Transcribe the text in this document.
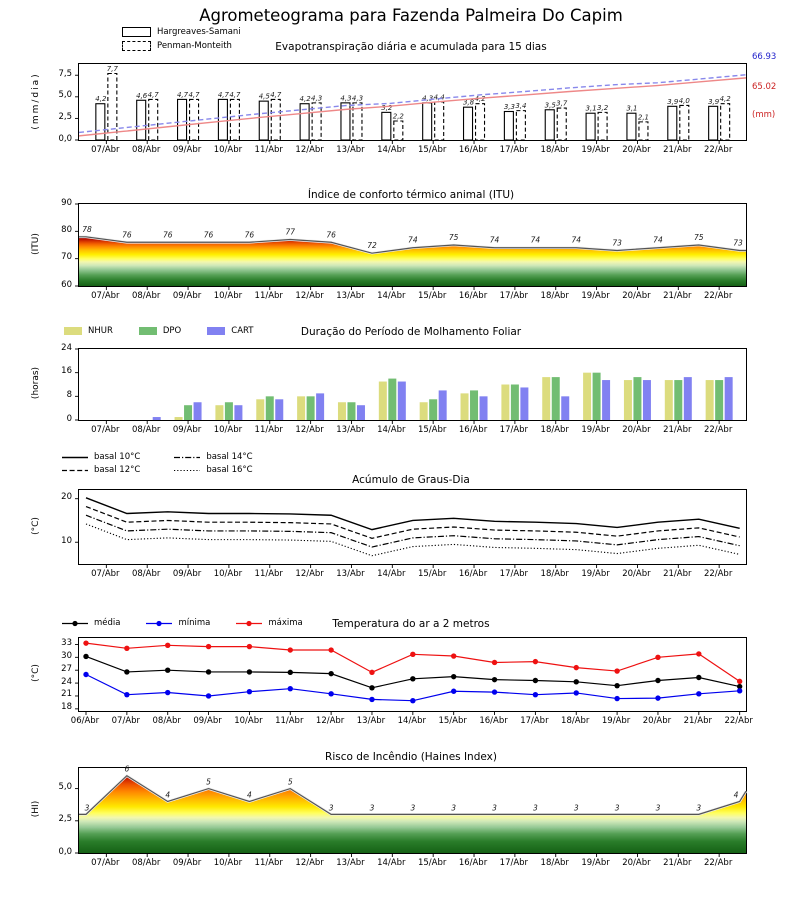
Agrometeograma para Fazenda Palmeira Do Capim
Hargreaves-Samani
Penman-Monteith	Evapotranspiração diária e acumulada para 15 dias
(mm/dia)	4,2
7,7
4,6 4,7	4,7 4,7	4,7 4,7	4,5 4,7
4,2 4,3	4,3 4,3
3,2
2,2
4,3 4,4
3,8 4,2
3,3 3,4	3,5 3,7
3,1 3,2	3,1
2,1
3,9 4,0	3,9 4,2
66.93
65.02
(mm)
Índice de conforto térmico animal (ITU)
(ITU)
78
76	76	76	76	77	76
72
74	75	74	74	74	73	74	75
73
NHUR	DPO	CART	Duração do Período de Molhamento Foliar
(horas)
basal 10°C	basal 14°C
basal 12°C	basal 16°C
Acúmulo de Graus-Dia
(°C)
média	mínima	máxima	Temperatura do ar a 2 metros
(°C)
Risco de Incêndio (Haines Index)
(HI)	3
6
4
5
4
5
3	3	3	3	3	3	3	3	3	3
4
0,0
2,5
5,0
7,5
07/Abr	08/Abr	09/Abr	10/Abr	11/Abr	12/Abr	13/Abr	14/Abr	15/Abr	16/Abr	17/Abr	18/Abr	19/Abr	20/Abr	21/Abr	22/Abr
60
70
80
90
07/Abr	08/Abr	09/Abr	10/Abr	11/Abr	12/Abr	13/Abr	14/Abr	15/Abr	16/Abr	17/Abr	18/Abr	19/Abr	20/Abr	21/Abr	22/Abr
0
8
16
24
07/Abr	08/Abr	09/Abr	10/Abr	11/Abr	12/Abr	13/Abr	14/Abr	15/Abr	16/Abr	17/Abr	18/Abr	19/Abr	20/Abr	21/Abr	22/Abr
10
20
07/Abr	08/Abr	09/Abr	10/Abr	11/Abr	12/Abr	13/Abr	14/Abr	15/Abr	16/Abr	17/Abr	18/Abr	19/Abr	20/Abr	21/Abr	22/Abr
18
21
24
27
30
33
06/Abr	07/Abr	08/Abr	09/Abr	10/Abr	11/Abr	12/Abr	13/Abr	14/Abr	15/Abr	16/Abr	17/Abr	18/Abr	19/Abr	20/Abr	21/Abr	22/Abr
0,0
2,5
5,0
07/Abr	08/Abr	09/Abr	10/Abr	11/Abr	12/Abr	13/Abr	14/Abr	15/Abr	16/Abr	17/Abr	18/Abr	19/Abr	20/Abr	21/Abr	22/Abr
